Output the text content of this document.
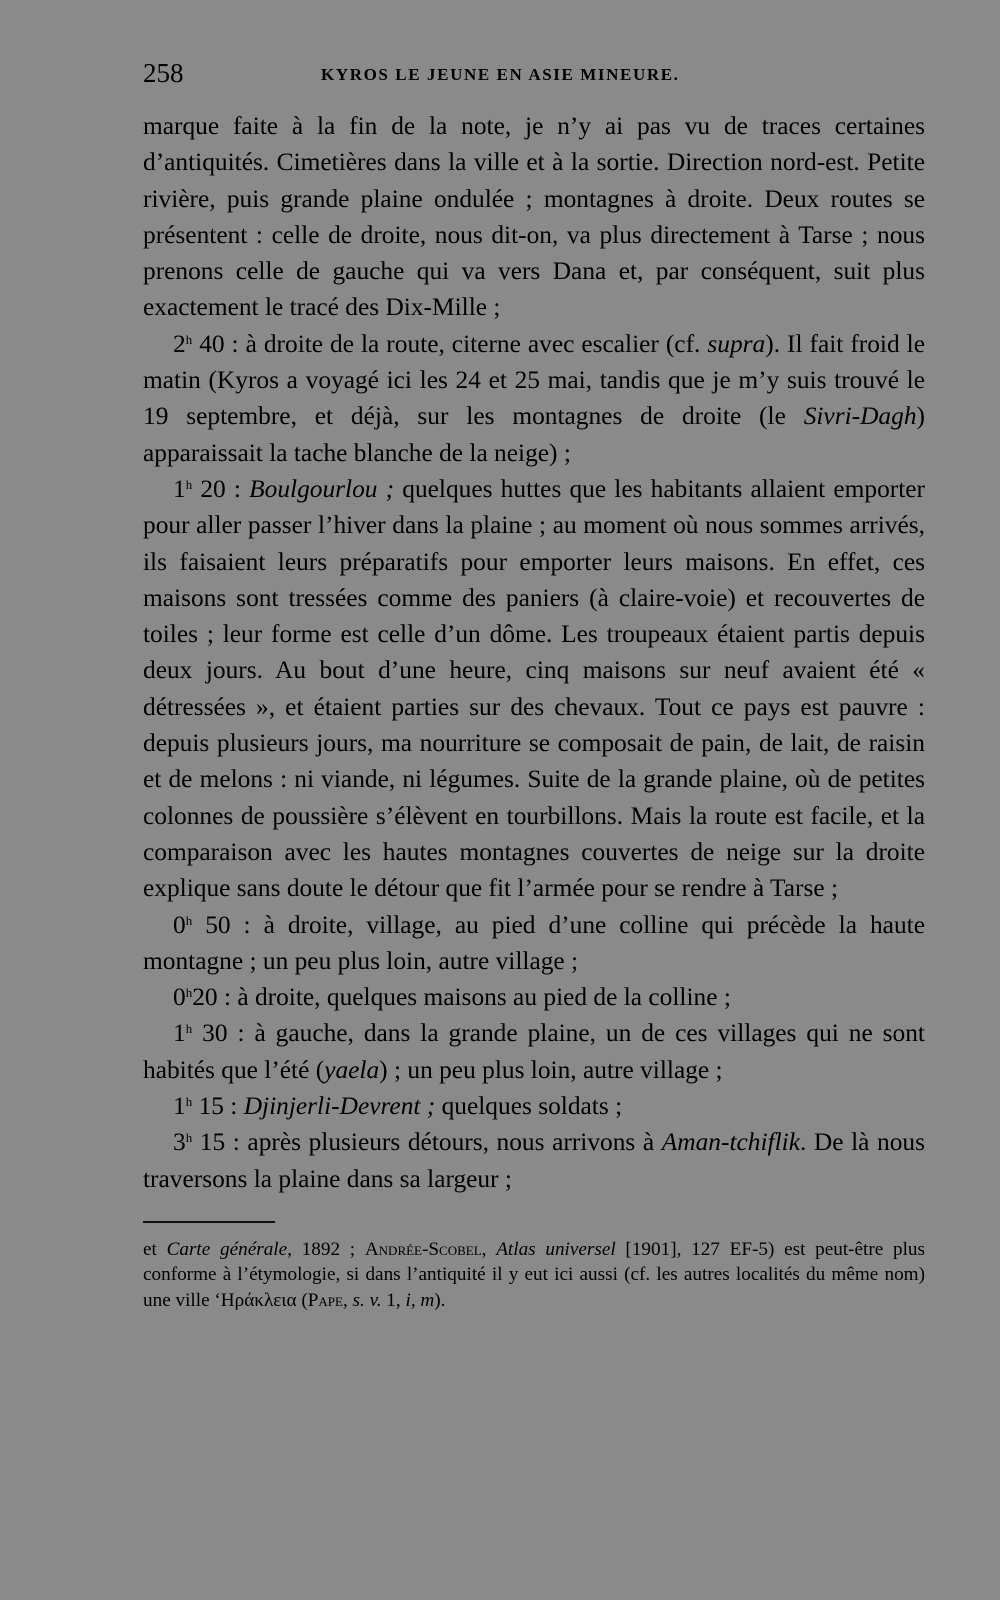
258	KYROS LE JEUNE EN ASIE MINEURE.

marque faite à la fin de la note, je n’y ai pas vu de traces certaines d’antiquités. Cimetières dans la ville et à la sortie. Direction nord-est. Petite rivière, puis grande plaine ondulée ; montagnes à droite. Deux routes se présentent : celle de droite, nous dit-on, va plus directement à Tarse ; nous prenons celle de gauche qui va vers Dana et, par conséquent, suit plus exactement le tracé des Dix-Mille ;

2$^h$ 40 : à droite de la route, citerne avec escalier (cf. supra). Il fait froid le matin (Kyros a voyagé ici les 24 et 25 mai, tandis que je m’y suis trouvé le 19 septembre, et déjà, sur les montagnes de droite (le Sivri-Dagh) apparaissait la tache blanche de la neige) ;

1$^h$ 20 : Boulgourlou ; quelques huttes que les habitants allaient emporter pour aller passer l’hiver dans la plaine ; au moment où nous sommes arrivés, ils faisaient leurs préparatifs pour emporter leurs maisons. En effet, ces maisons sont tressées comme des paniers (à claire-voie) et recouvertes de toiles ; leur forme est celle d’un dôme. Les troupeaux étaient partis depuis deux jours. Au bout d’une heure, cinq maisons sur neuf avaient été « détressées », et étaient parties sur des chevaux. Tout ce pays est pauvre : depuis plusieurs jours, ma nourriture se composait de pain, de lait, de raisin et de melons : ni viande, ni légumes. Suite de la grande plaine, où de petites colonnes de poussière s’élèvent en tourbillons. Mais la route est facile, et la comparaison avec les hautes montagnes couvertes de neige sur la droite explique sans doute le détour que fit l’armée pour se rendre à Tarse ;

0$^h$ 50 : à droite, village, au pied d’une colline qui précède la haute montagne ; un peu plus loin, autre village ;

0$^h$20 : à droite, quelques maisons au pied de la colline ;

1$^h$ 30 : à gauche, dans la grande plaine, un de ces villages qui ne sont habités que l’été (yaela) ; un peu plus loin, autre village ;

1$^h$ 15 : Djinjerli-Devrent ; quelques soldats ;

3$^h$ 15 : après plusieurs détours, nous arrivons à Aman-tchiflik. De là nous traversons la plaine dans sa largeur ;

et Carte générale, 1892 ; Andrée-Scobel, Atlas universel [1901], 127 EF-5) est peut-être plus conforme à l’étymologie, si dans l’antiquité il y eut ici aussi (cf. les autres localités du même nom) une ville ‘Ηράκλεια (Pape, s. v. 1, i, m).
